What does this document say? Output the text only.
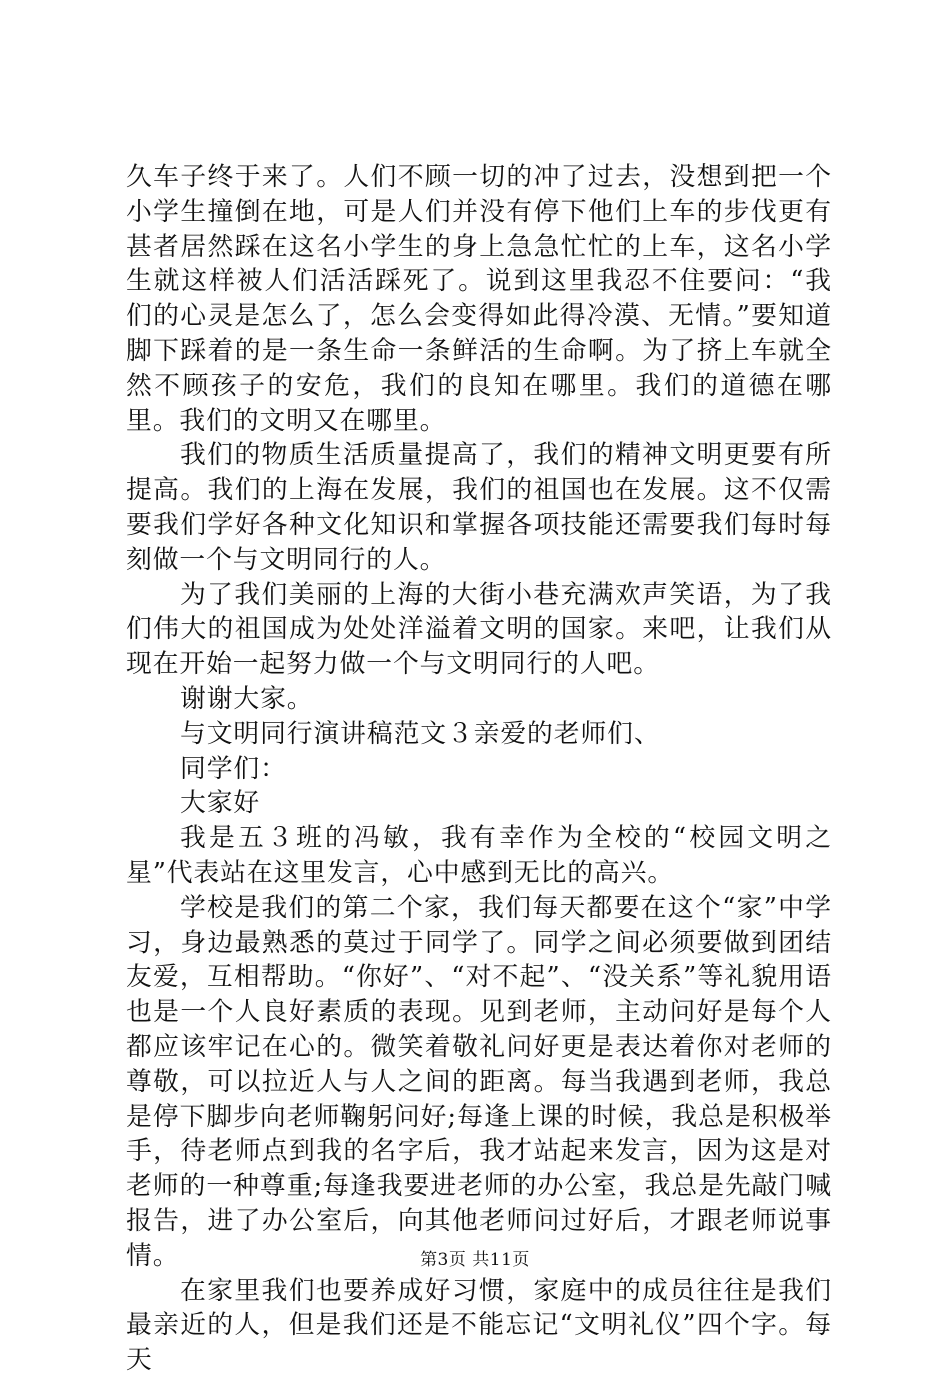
久车子终于来了。人们不顾一切的冲了过去，没想到把一个小学生撞倒在地，可是人们并没有停下他们上车的步伐更有甚者居然踩在这名小学生的身上急急忙忙的上车，这名小学生就这样被人们活活踩死了。说到这里我忍不住要问：“我们的心灵是怎么了，怎么会变得如此得冷漠、无情。”要知道脚下踩着的是一条生命一条鲜活的生命啊。为了挤上车就全然不顾孩子的安危，我们的良知在哪里。我们的道德在哪里。我们的文明又在哪里。

我们的物质生活质量提高了，我们的精神文明更要有所提高。我们的上海在发展，我们的祖国也在发展。这不仅需要我们学好各种文化知识和掌握各项技能还需要我们每时每刻做一个与文明同行的人。

为了我们美丽的上海的大街小巷充满欢声笑语，为了我们伟大的祖国成为处处洋溢着文明的国家。来吧，让我们从现在开始一起努力做一个与文明同行的人吧。

谢谢大家。

与文明同行演讲稿范文３亲爱的老师们、

同学们：

大家好

我是五３班的冯敏，我有幸作为全校的“校园文明之星”代表站在这里发言，心中感到无比的高兴。

学校是我们的第二个家，我们每天都要在这个“家”中学习，身边最熟悉的莫过于同学了。同学之间必须要做到团结友爱，互相帮助。“你好”、“对不起”、“没关系”等礼貌用语也是一个人良好素质的表现。见到老师，主动问好是每个人都应该牢记在心的。微笑着敬礼问好更是表达着你对老师的尊敬，可以拉近人与人之间的距离。每当我遇到老师，我总是停下脚步向老师鞠躬问好;每逢上课的时候，我总是积极举手，待老师点到我的名字后，我才站起来发言，因为这是对老师的一种尊重;每逢我要进老师的办公室，我总是先敲门喊报告，进了办公室后，向其他老师问过好后，才跟老师说事情。

在家里我们也要养成好习惯，家庭中的成员往往是我们最亲近的人，但是我们还是不能忘记“文明礼仪”四个字。每天

第3页 共11页
